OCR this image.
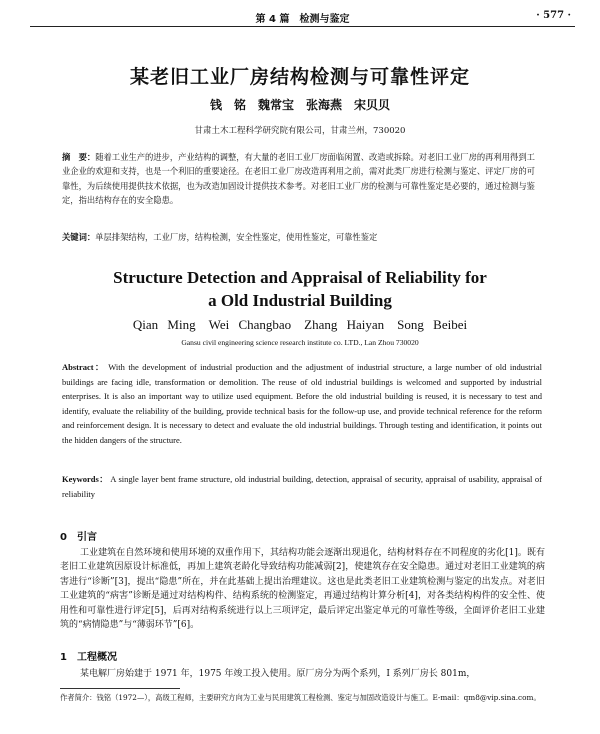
第 4 篇　检测与鉴定	· 577 ·
某老旧工业厂房结构检测与可靠性评定
钱　铭　魏常宝　张海燕　宋贝贝
甘肃土木工程科学研究院有限公司，甘肃兰州，730020
摘　要：随着工业生产的进步，产业结构的调整，有大量的老旧工业厂房面临闲置、改造或拆除。对老旧工业厂房的再利用得到工业企业的欢迎和支持，也是一个利旧的重要途径。在老旧工业厂房改造再利用之前，需对此类厂房进行检测与鉴定、评定厂房的可靠性，为后续使用提供技术依据，也为改造加固设计提供技术参考。对老旧工业厂房的检测与可靠性鉴定是必要的，通过检测与鉴定，指出结构存在的安全隐患。
关键词：单层排架结构，工业厂房，结构检测，安全性鉴定，使用性鉴定，可靠性鉴定
Structure Detection and Appraisal of Reliability for
a Old Industrial Building
Qian Ming　Wei Changbao　Zhang Haiyan　Song Beibei
Gansu civil engineering science research institute co. LTD., Lan Zhou 730020
Abstract： With the development of industrial production and the adjustment of industrial structure, a large number of old industrial buildings are facing idle, transformation or demolition. The reuse of old industrial buildings is welcomed and supported by industrial enterprises. It is also an important way to utilize used equipment. Before the old industrial building is reused, it is necessary to test and identify, evaluate the reliability of the building, provide technical basis for the follow-up use, and provide technical reference for the reform and reinforcement design. It is necessary to detect and evaluate the old industrial buildings. Through testing and identification, it points out the hidden dangers of the structure.
Keywords： A single layer bent frame structure, old industrial building, detection, appraisal of security, appraisal of usability, appraisal of reliability
0　引言
工业建筑在自然环境和使用环境的双重作用下，其结构功能会逐渐出现退化，结构材料存在不同程度的劣化[1]。既有老旧工业建筑因原设计标准低，再加上建筑老龄化导致结构功能减弱[2]，使建筑存在安全隐患。通过对老旧工业建筑的病害进行“诊断”[3]，提出“隐患”所在，并在此基础上提出治理建议。这也是此类老旧工业建筑检测与鉴定的出发点。对老旧工业建筑的“病害”诊断是通过对结构构件、结构系统的检测鉴定，再通过结构计算分析[4]，对各类结构构件的安全性、使用性和可靠性进行评定[5]，后再对结构系统进行以上三项评定，最后评定出鉴定单元的可靠性等级，全面评价老旧工业建筑的“病情隐患”与“薄弱环节”[6]。
1　工程概况
某电解厂房始建于 1971 年，1975 年竣工投入使用。原厂房分为两个系列，I 系列厂房长 801m，
作者简介：钱铭（1972—），高级工程师，主要研究方向为工业与民用建筑工程检测、鉴定与加固改造设计与施工。E-mail：qm8@vip.sina.com。
